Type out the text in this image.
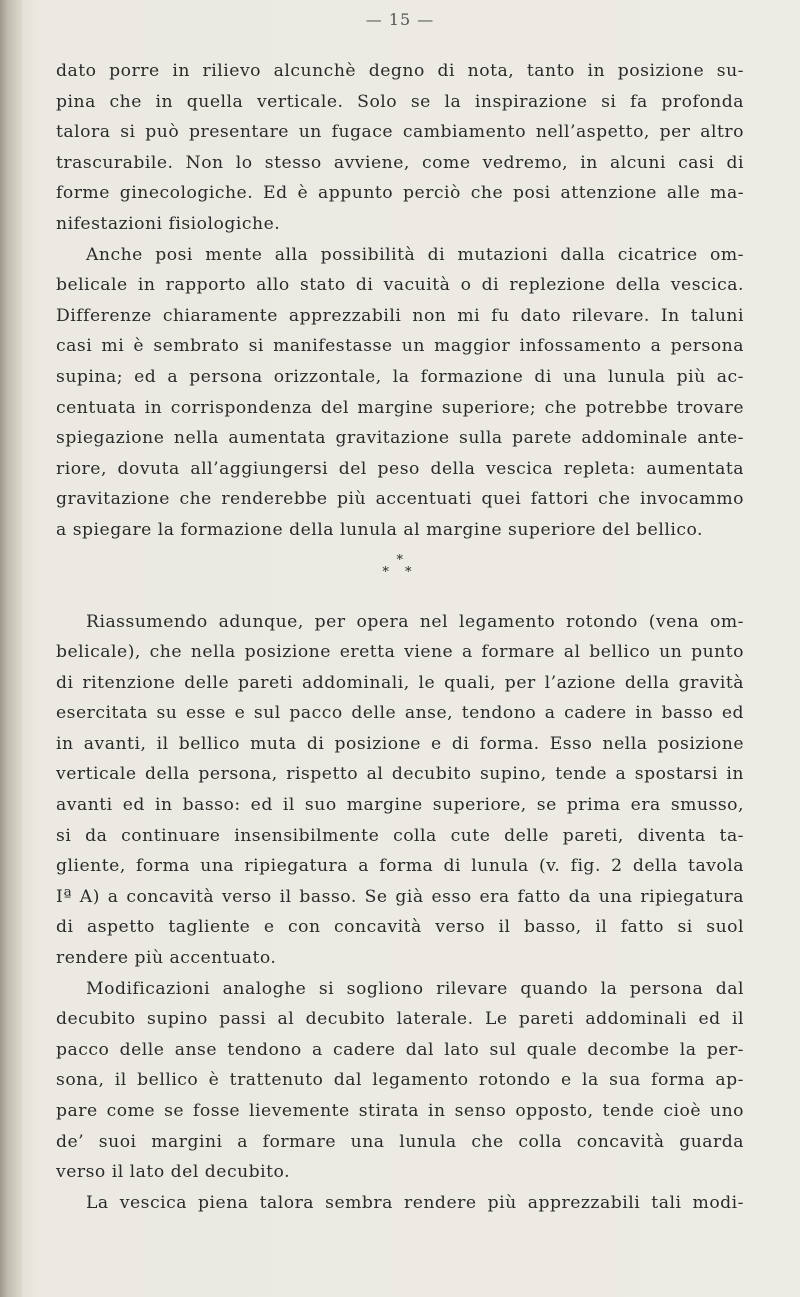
— 15 —
dato porre in rilievo alcunchè degno di nota, tanto in posizione su-
pina che in quella verticale. Solo se la inspirazione si fa profonda
talora si può presentare un fugace cambiamento nell’aspetto, per altro
trascurabile. Non lo stesso avviene, come vedremo, in alcuni casi di
forme ginecologiche. Ed è appunto perciò che posi attenzione alle ma-
nifestazioni fisiologiche.
Anche posi mente alla possibilità di mutazioni dalla cicatrice om-
belicale in rapporto allo stato di vacuità o di replezione della vescica.
Differenze chiaramente apprezzabili non mi fu dato rilevare. In taluni
casi mi è sembrato si manifestasse un maggior infossamento a persona
supina; ed a persona orizzontale, la formazione di una lunula più ac-
centuata in corrispondenza del margine superiore; che potrebbe trovare
spiegazione nella aumentata gravitazione sulla parete addominale ante-
riore, dovuta all’aggiungersi del peso della vescica repleta: aumentata
gravitazione che renderebbe più accentuati quei fattori che invocammo
a spiegare la formazione della lunula al margine superiore del bellico.
*
* *
Riassumendo adunque, per opera nel legamento rotondo (vena om-
belicale), che nella posizione eretta viene a formare al bellico un punto
di ritenzione delle pareti addominali, le quali, per l’azione della gravità
esercitata su esse e sul pacco delle anse, tendono a cadere in basso ed
in avanti, il bellico muta di posizione e di forma. Esso nella posizione
verticale della persona, rispetto al decubito supino, tende a spostarsi in
avanti ed in basso: ed il suo margine superiore, se prima era smusso,
si da continuare insensibilmente colla cute delle pareti, diventa ta-
gliente, forma una ripiegatura a forma di lunula (v. fig. 2 della tavola
Iª A) a concavità verso il basso. Se già esso era fatto da una ripiegatura
di aspetto tagliente e con concavità verso il basso, il fatto si suol
rendere più accentuato.
Modificazioni analoghe si sogliono rilevare quando la persona dal
decubito supino passi al decubito laterale. Le pareti addominali ed il
pacco delle anse tendono a cadere dal lato sul quale decombe la per-
sona, il bellico è trattenuto dal legamento rotondo e la sua forma ap-
pare come se fosse lievemente stirata in senso opposto, tende cioè uno
de’ suoi margini a formare una lunula che colla concavità guarda
verso il lato del decubito.
La vescica piena talora sembra rendere più apprezzabili tali modi-
